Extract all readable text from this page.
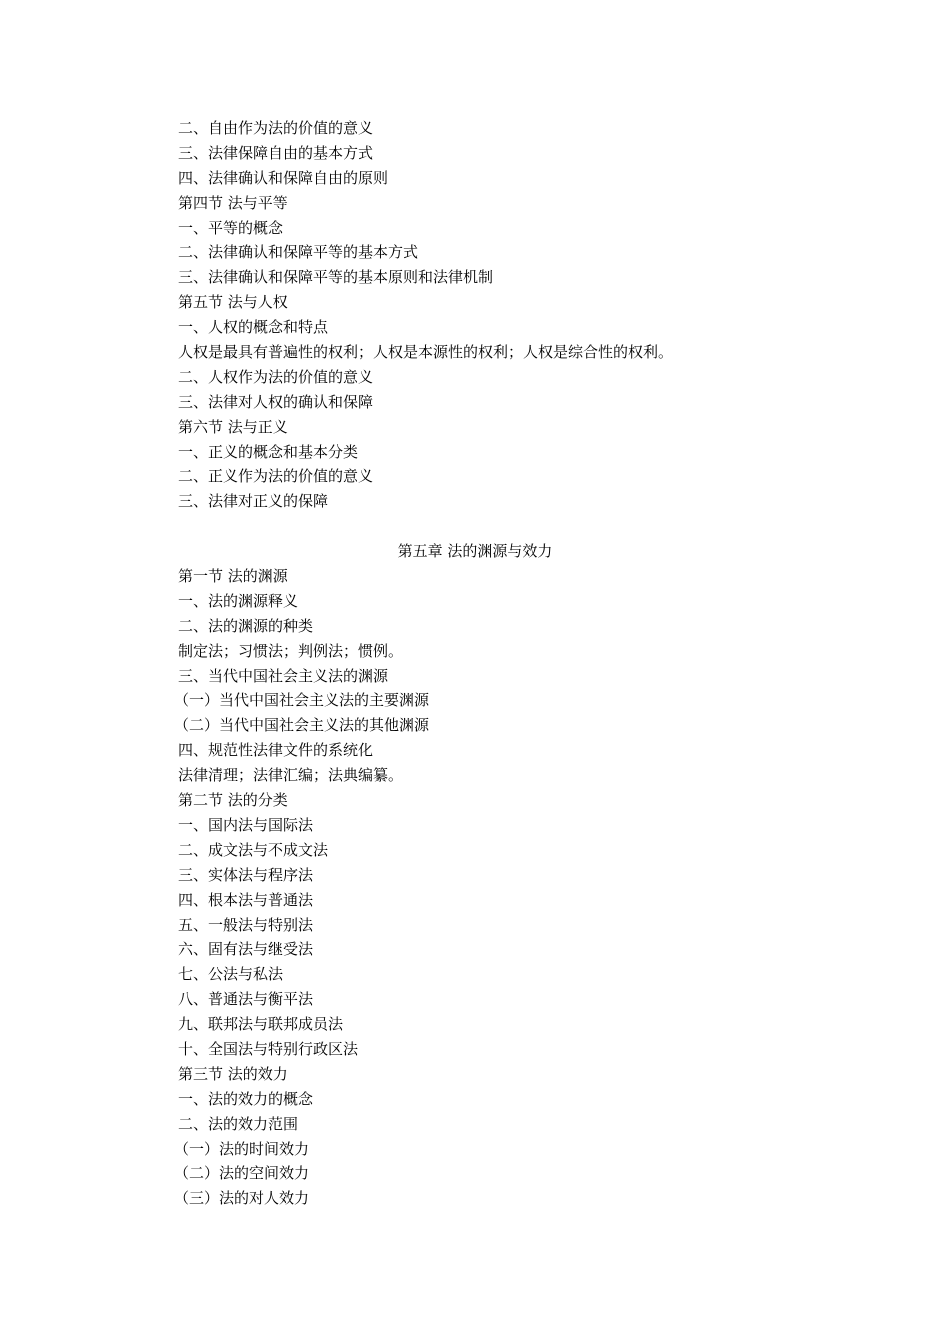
二、自由作为法的价值的意义
三、法律保障自由的基本方式
四、法律确认和保障自由的原则
第四节 法与平等
一、平等的概念
二、法律确认和保障平等的基本方式
三、法律确认和保障平等的基本原则和法律机制
第五节 法与人权
一、人权的概念和特点
人权是最具有普遍性的权利；人权是本源性的权利；人权是综合性的权利。
二、人权作为法的价值的意义
三、法律对人权的确认和保障
第六节 法与正义
一、正义的概念和基本分类
二、正义作为法的价值的意义
三、法律对正义的保障
第五章 法的渊源与效力
第一节 法的渊源
一、法的渊源释义
二、法的渊源的种类
制定法；习惯法；判例法；惯例。
三、当代中国社会主义法的渊源
（一）当代中国社会主义法的主要渊源
（二）当代中国社会主义法的其他渊源
四、规范性法律文件的系统化
法律清理；法律汇编；法典编纂。
第二节 法的分类
一、国内法与国际法
二、成文法与不成文法
三、实体法与程序法
四、根本法与普通法
五、一般法与特别法
六、固有法与继受法
七、公法与私法
八、普通法与衡平法
九、联邦法与联邦成员法
十、全国法与特别行政区法
第三节 法的效力
一、法的效力的概念
二、法的效力范围
（一）法的时间效力
（二）法的空间效力
（三）法的对人效力
